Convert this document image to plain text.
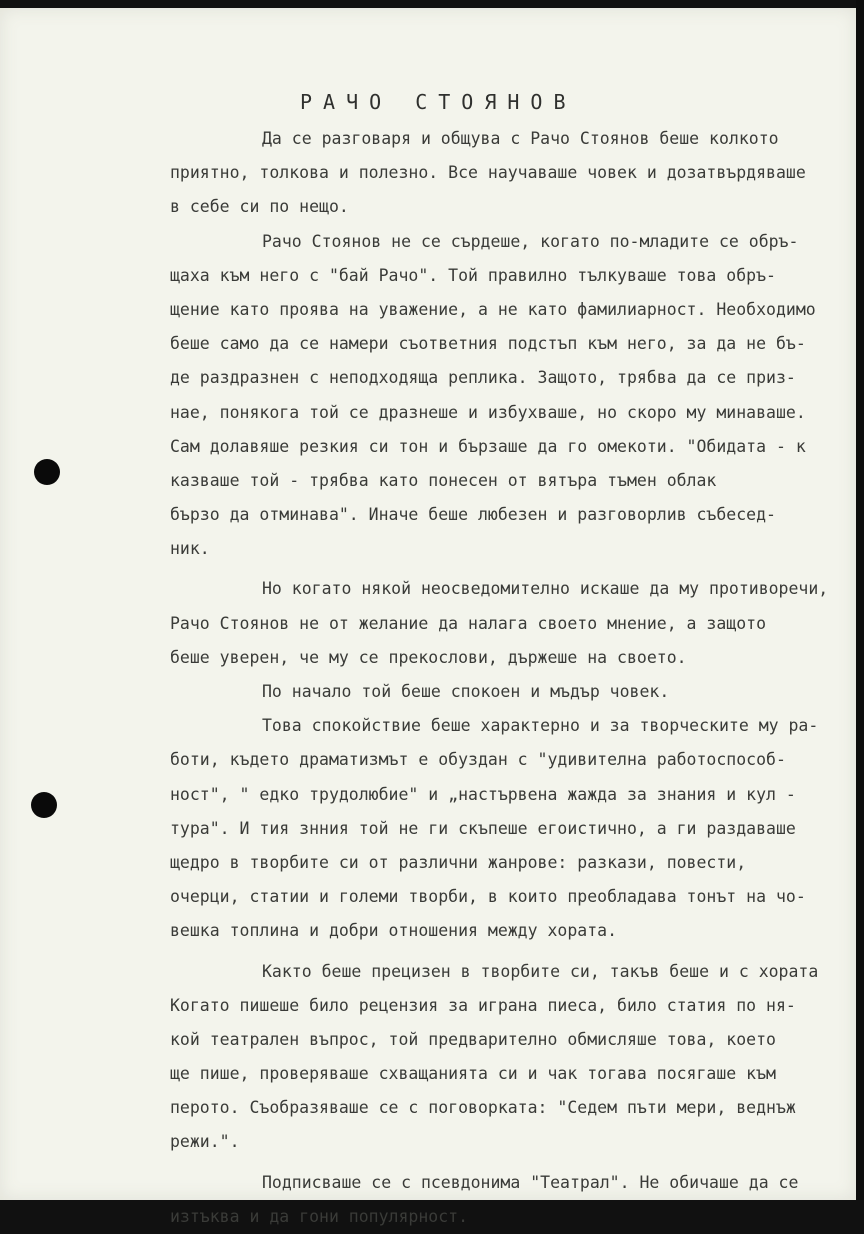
РАЧО СТОЯНОВ
Да се разговаря и общува с Рачо Стоянов беше колкото
приятно, толкова и полезно. Все научаваше човек и дозатвърдяваше
в себе си по нещо.
Рачо Стоянов не се сърдеше, когато по-младите се обръ-
щаха към него с "бай Рачо". Той правилно тълкуваше това обръ-
щение като проява на уважение, а не като фамилиарност. Необходимо
беше само да се намери съответния подстъп към него, за да не бъ-
де раздразнен с неподходяща реплика. Защото, трябва да се приз-
нае, понякога той се дразнеше и избухваше, но скоро му минаваше.
Сам долавяше резкия си тон и бързаше да го омекоти. "Обидата - к
казваше той - трябва като понесен от вятъра тъмен облак
бързо да отминава". Иначе беше любезен и разговорлив събесед-
ник.
Но когато някой неосведомително искаше да му противоречи,
Рачо Стоянов не от желание да налага своето мнение, а защото
беше уверен, че му се прекослови, държеше на своето.
По начало той беше спокоен и мъдър човек.
Това спокойствие беше характерно и за творческите му ра-
боти, където драматизмът е обуздан с "удивителна работоспособ-
ност", " едко трудолюбие" и „настървена жажда за знания и кул -
тура". И тия знния той не ги скъпеше егоистично, а ги раздаваше
щедро в творбите си от различни жанрове: разкази, повести,
очерци, статии и големи творби, в които преобладава тонът на чо-
вешка топлина и добри отношения между хората.
Както беше прецизен в творбите си, такъв беше и с хората
Когато пишеше било рецензия за играна пиеса, било статия по ня-
кой театрален въпрос, той предварително обмисляше това, което
ще пише, проверяваше схващанията си и чак тогава посягаше към
перото. Съобразяваше се с поговорката: "Седем пъти мери, веднъж
режи.".
Подписваше се с псевдонима "Театрал". Не обичаше да се
изтъква и да гони популярност.
